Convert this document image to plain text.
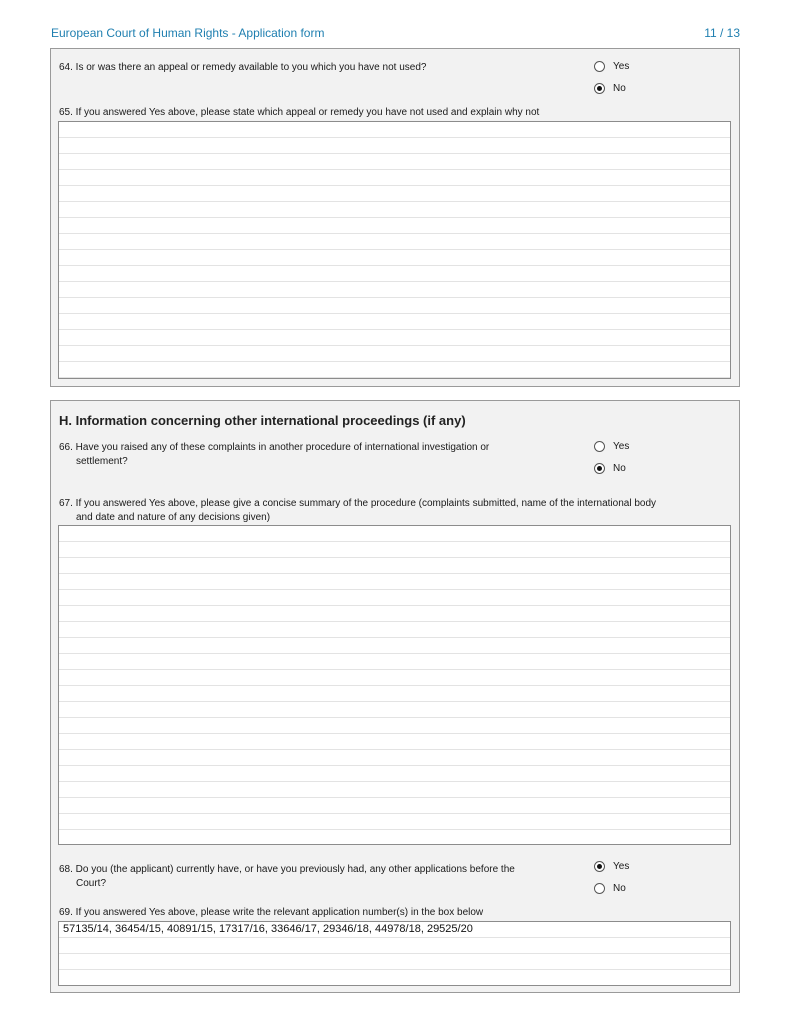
European Court of Human Rights - Application form	11 / 13
64. Is or was there an appeal or remedy available to you which you have not used?	Yes
No
65. If you answered Yes above, please state which appeal or remedy you have not used and explain why not
H. Information concerning other international proceedings (if any)
66. Have you raised any of these complaints in another procedure of international investigation or
settlement?
Yes
No
67. If you answered Yes above, please give a concise summary of the procedure (complaints submitted, name of the international body
and date and nature of any decisions given)
68. Do you (the applicant) currently have, or have you previously had, any other applications before the
Court?
Yes
No
69. If you answered Yes above, please write the relevant application number(s) in the box below
57135/14, 36454/15, 40891/15, 17317/16, 33646/17, 29346/18, 44978/18, 29525/20
